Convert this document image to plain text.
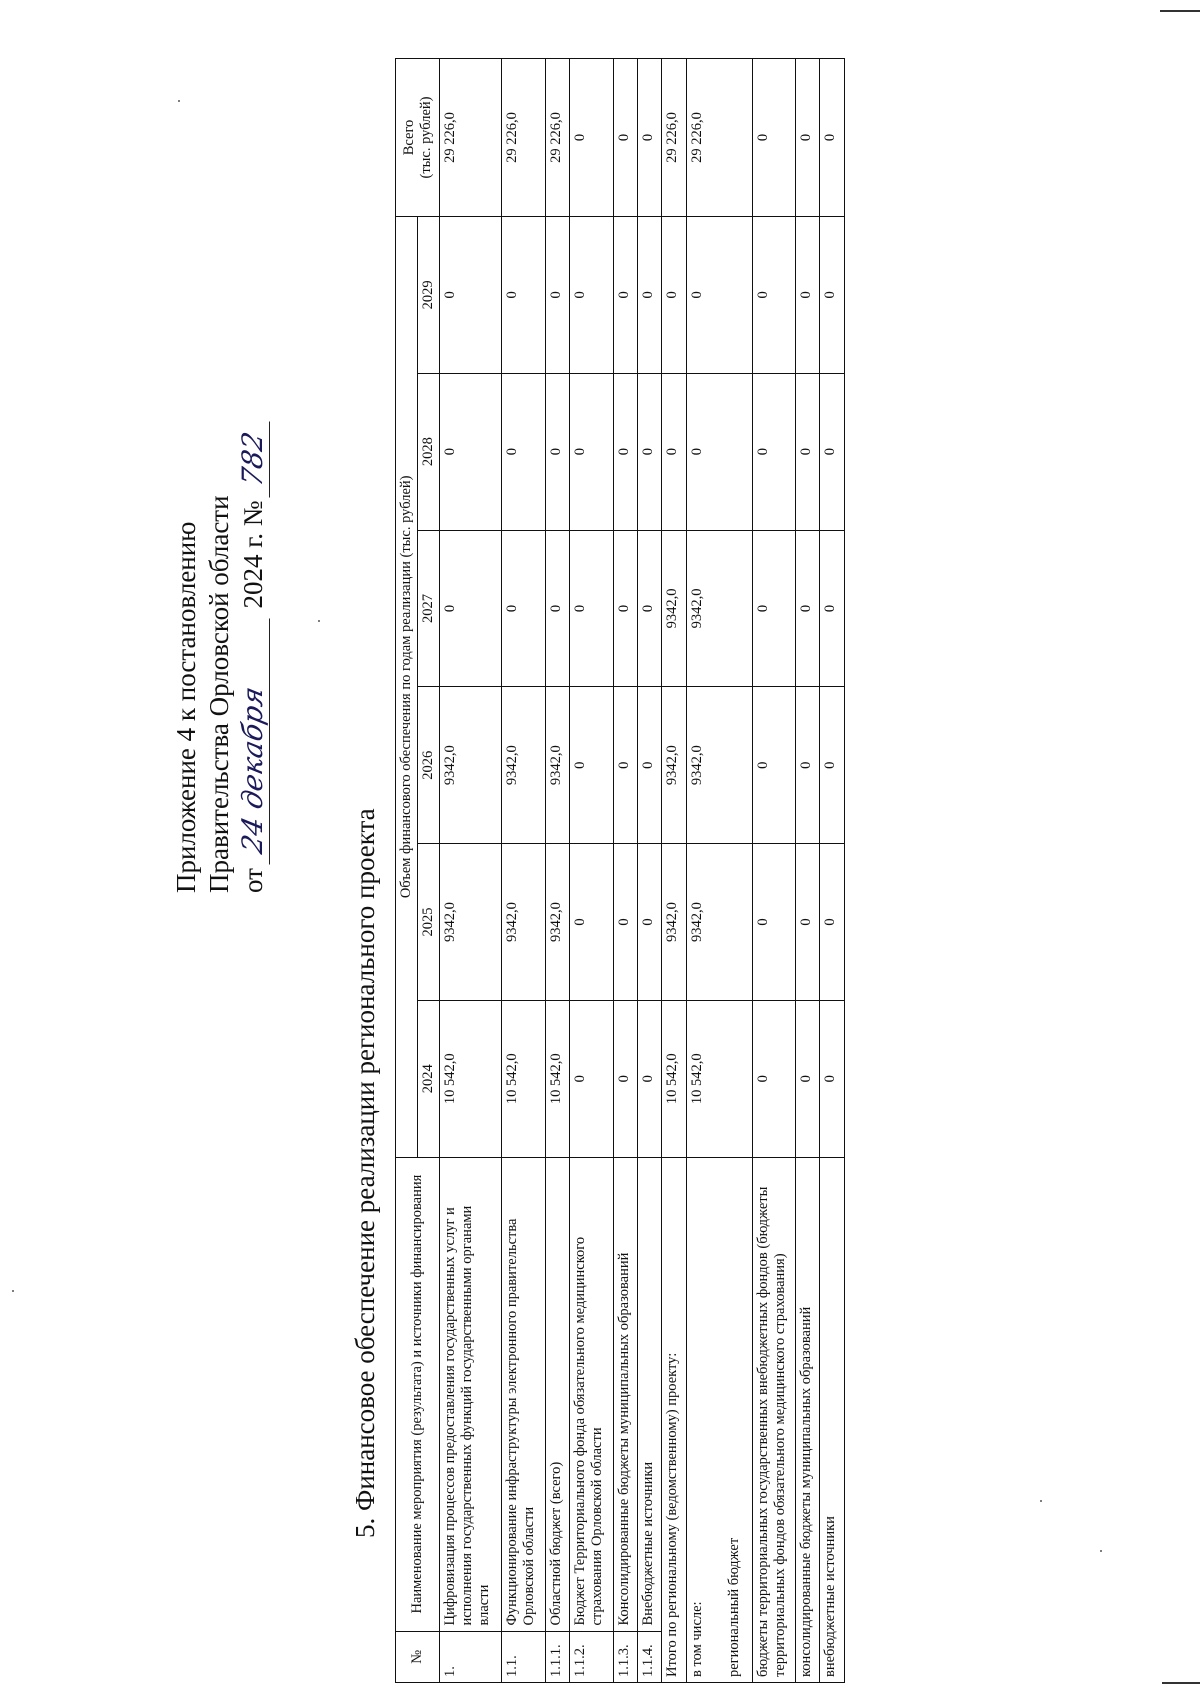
Приложение 4 к постановлению Правительства Орловской области от 24 декабря 2024 г. № 782
5. Финансовое обеспечение реализации регионального проекта
№	Наименование мероприятия (результата) и источники финансирования	Объем финансового обеспечения по годам реализации (тыс. рублей)						Всего (тыс. рублей)

		2024	2025	2026	2027	2028	2029	
1.	Цифровизация процессов предоставления государственных услуг и исполнения государственных функций государственными органами власти	10 542,0	9342,0	9342,0	0	0	0	29 226,0
1.1.	Функционирование инфраструктуры электронного правительства Орловской области	10 542,0	9342,0	9342,0	0	0	0	29 226,0
1.1.1.	Областной бюджет (всего)	10 542,0	9342,0	9342,0	0	0	0	29 226,0
1.1.2.	Бюджет Территориального фонда обязательного медицинского страхования Орловской области	0	0	0	0	0	0	0
1.1.3.	Консолидированные бюджеты муниципальных образований	0	0	0	0	0	0	0
1.1.4.	Внебюджетные источники	0	0	0	0	0	0	0

Итого по региональному (ведомственному) проекту:		10 542,0	9342,0	9342,0	9342,0	0	0	29 226,0

в том числе: региональный бюджет		10 542,0	9342,0	9342,0	9342,0	0	0	29 226,0

бюджеты территориальных государственных внебюджетных фондов (бюджеты территориальных фондов обязательного медицинского страхования)		0	0	0	0	0	0	0

консолидированные бюджеты муниципальных образований		0	0	0	0	0	0	0

внебюджетные источники		0	0	0	0	0	0	0
